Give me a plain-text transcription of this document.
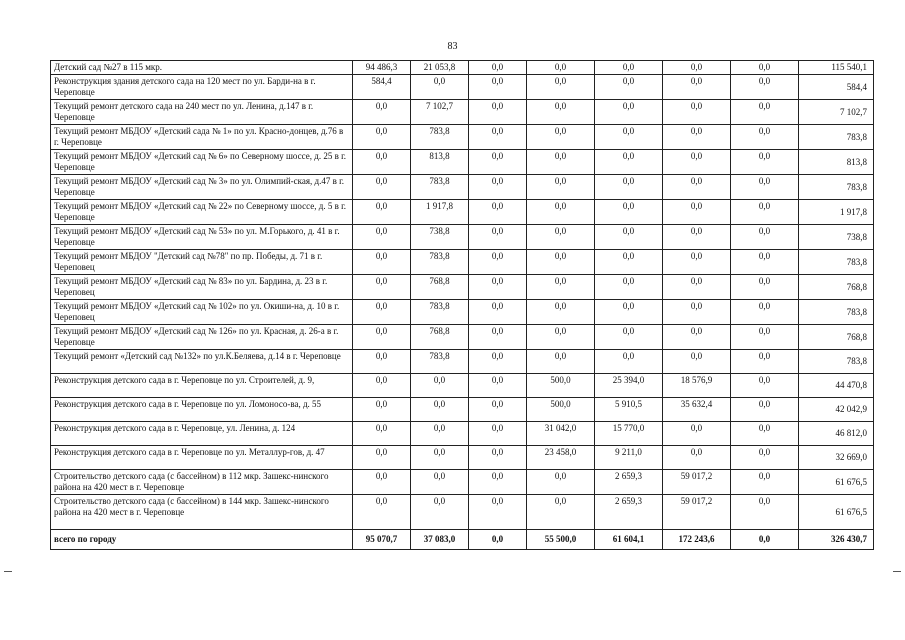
83
Детский сад №27 в 115 мкр.	94 486,3	21 053,8	0,0	0,0	0,0	0,0	0,0	115 540,1
Реконструкция здания детского сада на 120 мест по ул. Барди-на в г. Череповце	584,4	0,0	0,0	0,0	0,0	0,0	0,0	584,4
Текущий ремонт детского сада на 240 мест по ул. Ленина, д.147 в г. Череповце	0,0	7 102,7	0,0	0,0	0,0	0,0	0,0	7 102,7
Текущий ремонт МБДОУ «Детский сада № 1» по ул. Красно-донцев, д.76 в г. Череповце	0,0	783,8	0,0	0,0	0,0	0,0	0,0	783,8
Текущий ремонт МБДОУ «Детский сад № 6» по Северному шоссе, д. 25 в г. Череповце	0,0	813,8	0,0	0,0	0,0	0,0	0,0	813,8
Текущий ремонт МБДОУ «Детский сад № 3» по ул. Олимпий-ская, д.47 в г. Череповце	0,0	783,8	0,0	0,0	0,0	0,0	0,0	783,8
Текущий ремонт МБДОУ «Детский сад № 22» по Северному шоссе, д. 5 в г. Череповце	0,0	1 917,8	0,0	0,0	0,0	0,0	0,0	1 917,8
Текущий ремонт МБДОУ «Детский сад № 53» по ул. М.Горького, д. 41 в г. Череповце	0,0	738,8	0,0	0,0	0,0	0,0	0,0	738,8
Текущий ремонт МБДОУ "Детский сад №78" по пр. Победы, д. 71 в г. Череповец	0,0	783,8	0,0	0,0	0,0	0,0	0,0	783,8
Текущий ремонт МБДОУ «Детский сад № 83» по ул. Бардина, д. 23 в г. Череповец	0,0	768,8	0,0	0,0	0,0	0,0	0,0	768,8
Текущий ремонт МБДОУ «Детский сад № 102» по ул. Окиши-на, д. 10 в г. Череповец	0,0	783,8	0,0	0,0	0,0	0,0	0,0	783,8
Текущий ремонт МБДОУ «Детский сад № 126» по ул. Красная, д. 26-а в г. Череповце	0,0	768,8	0,0	0,0	0,0	0,0	0,0	768,8
Текущий ремонт «Детский сад №132» по ул.К.Беляева, д.14 в г. Череповце	0,0	783,8	0,0	0,0	0,0	0,0	0,0	783,8
Реконструкция детского сада в г. Череповце по ул. Строителей, д. 9,	0,0	0,0	0,0	500,0	25 394,0	18 576,9	0,0	44 470,8
Реконструкция детского сада в г. Череповце по ул. Ломоносо-ва, д. 55	0,0	0,0	0,0	500,0	5 910,5	35 632,4	0,0	42 042,9
Реконструкция детского сада в г. Череповце, ул. Ленина, д. 124	0,0	0,0	0,0	31 042,0	15 770,0	0,0	0,0	46 812,0
Реконструкция детского сада в г. Череповце по ул. Металлур-гов, д. 47	0,0	0,0	0,0	23 458,0	9 211,0	0,0	0,0	32 669,0
Строительство детского сада (с бассейном) в 112 мкр. Зашекс-нинского района на 420 мест в г. Череповце	0,0	0,0	0,0	0,0	2 659,3	59 017,2	0,0	61 676,5
Строительство детского сада (с бассейном) в 144 мкр. Зашекс-нинского района на 420 мест в г. Череповце	0,0	0,0	0,0	0,0	2 659,3	59 017,2	0,0	61 676,5
всего по городу	95 070,7	37 083,0	0,0	55 500,0	61 604,1	172 243,6	0,0	326 430,7
